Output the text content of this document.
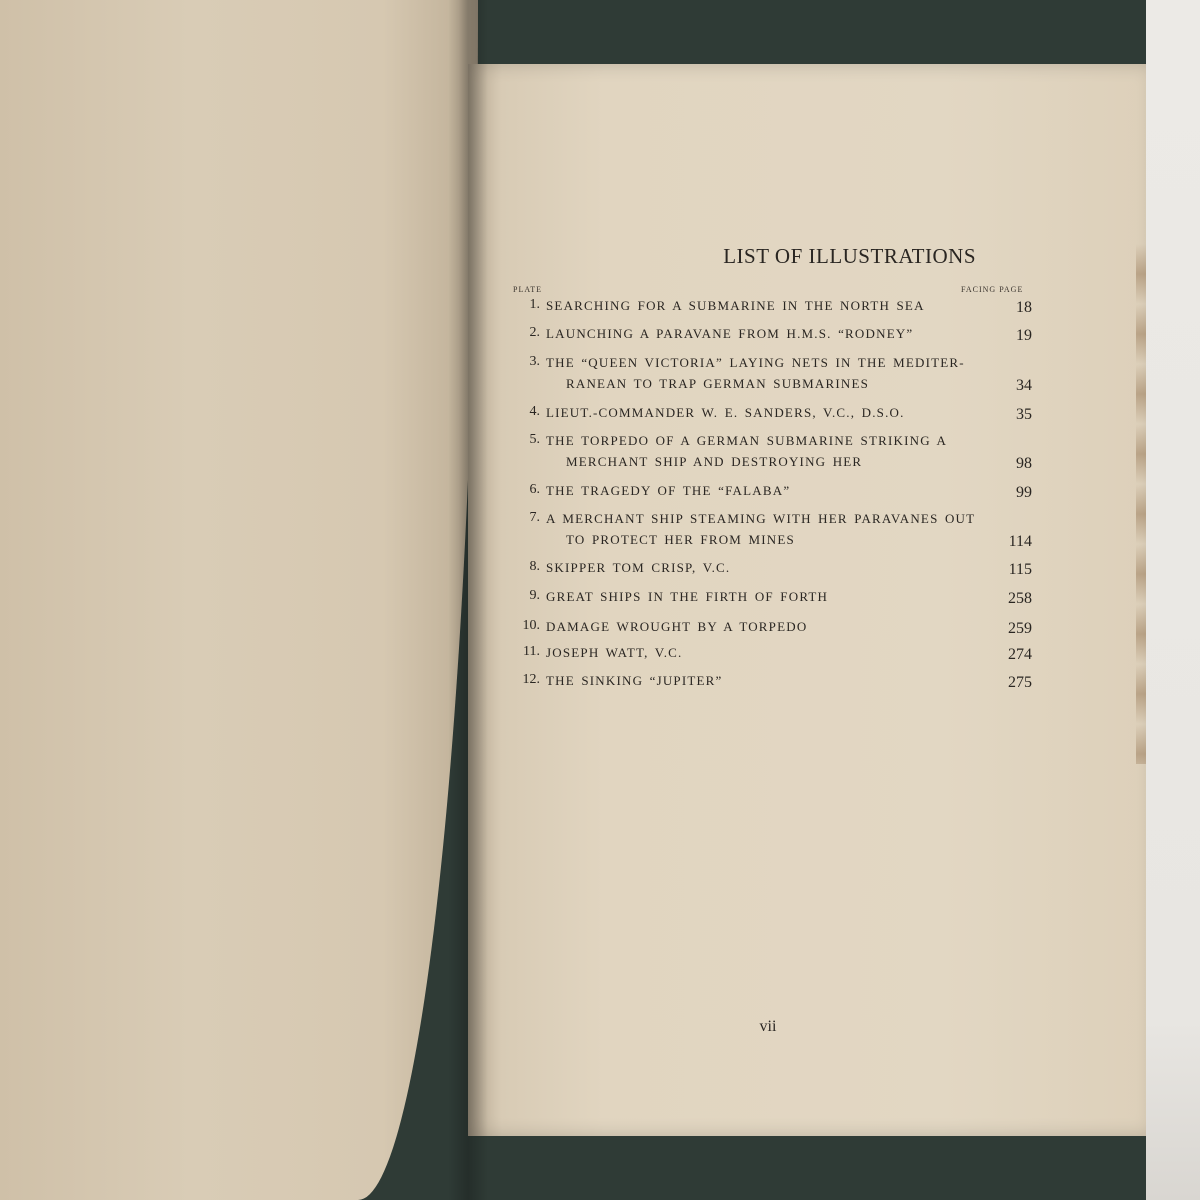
LIST OF ILLUSTRATIONS
PLATE	FACING PAGE
1. SEARCHING FOR A SUBMARINE IN THE NORTH SEA	18
2. LAUNCHING A PARAVANE FROM H.M.S. “RODNEY”	19
3. THE “QUEEN VICTORIA” LAYING NETS IN THE MEDITER-
RANEAN TO TRAP GERMAN SUBMARINES	34
4. LIEUT.-COMMANDER W. E. SANDERS, V.C., D.S.O.	35
5. THE TORPEDO OF A GERMAN SUBMARINE STRIKING A
MERCHANT SHIP AND DESTROYING HER	98
6. THE TRAGEDY OF THE “FALABA”	99
7. A MERCHANT SHIP STEAMING WITH HER PARAVANES OUT
TO PROTECT HER FROM MINES	114
8. SKIPPER TOM CRISP, V.C.	115
9. GREAT SHIPS IN THE FIRTH OF FORTH	258
10. DAMAGE WROUGHT BY A TORPEDO	259
11. JOSEPH WATT, V.C.	274
12. THE SINKING “JUPITER”	275
vii
